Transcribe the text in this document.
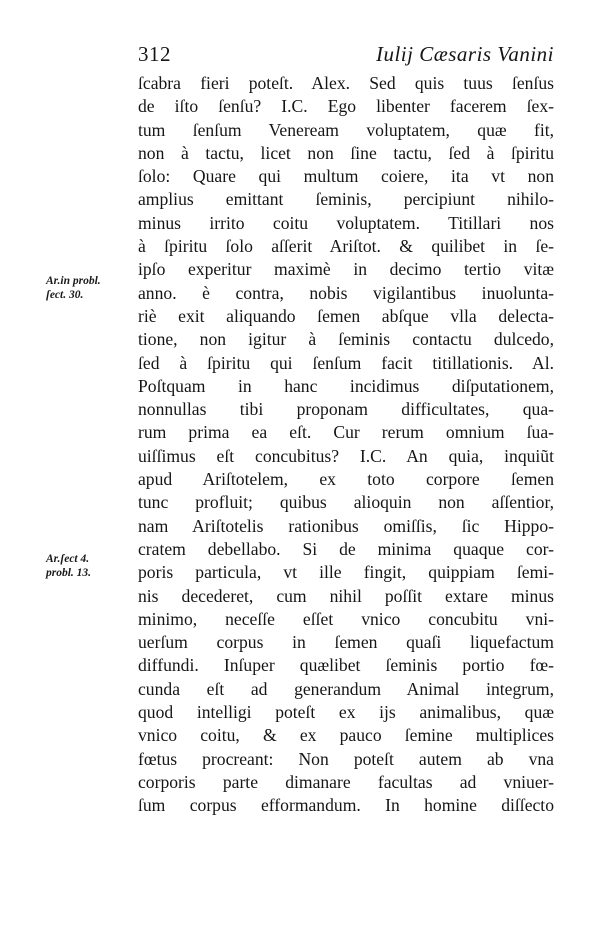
312	Iulij Cæsaris Vanini
Ar.in probl.
ſect. 30.
Ar.ſect 4.
probl. 13.
ſcabra fieri poteſt. Alex. Sed quis tuus ſenſus
de iſto ſenſu? I.C. Ego libenter facerem ſex-
tum ſenſum Veneream voluptatem, quæ fit,
non à tactu, licet non ſine tactu, ſed à ſpiritu
ſolo: Quare qui multum coiere, ita vt non
amplius emittant ſeminis, percipiunt nihilo-
minus irrito coitu voluptatem. Titillari nos
à ſpiritu ſolo aſſerit Ariſtot. & quilibet in ſe-
ipſo experitur maximè in decimo tertio vitæ
anno. è contra, nobis vigilantibus inuolunta-
riè exit aliquando ſemen abſque vlla delecta-
tione, non igitur à ſeminis contactu dulcedo,
ſed à ſpiritu qui ſenſum facit titillationis. Al.
Poſtquam in hanc incidimus diſputationem,
nonnullas tibi proponam difficultates, qua-
rum prima ea eſt. Cur rerum omnium ſua-
uiſſimus eſt concubitus? I.C. An quia, inquiũt
apud Ariſtotelem, ex toto corpore ſemen
tunc profluit; quibus alioquin non aſſentior,
nam Ariſtotelis rationibus omiſſis, ſic Hippo-
cratem debellabo. Si de minima quaque cor-
poris particula, vt ille fingit, quippiam ſemi-
nis decederet, cum nihil poſſit extare minus
minimo, neceſſe eſſet vnico concubitu vni-
uerſum corpus in ſemen quaſi liquefactum
diffundi. Inſuper quælibet ſeminis portio fœ-
cunda eſt ad generandum Animal integrum,
quod intelligi poteſt ex ijs animalibus, quæ
vnico coitu, & ex pauco ſemine multiplices
fœtus procreant: Non poteſt autem ab vna
corporis parte dimanare facultas ad vniuer-
ſum corpus efformandum. In homine diſſecto
